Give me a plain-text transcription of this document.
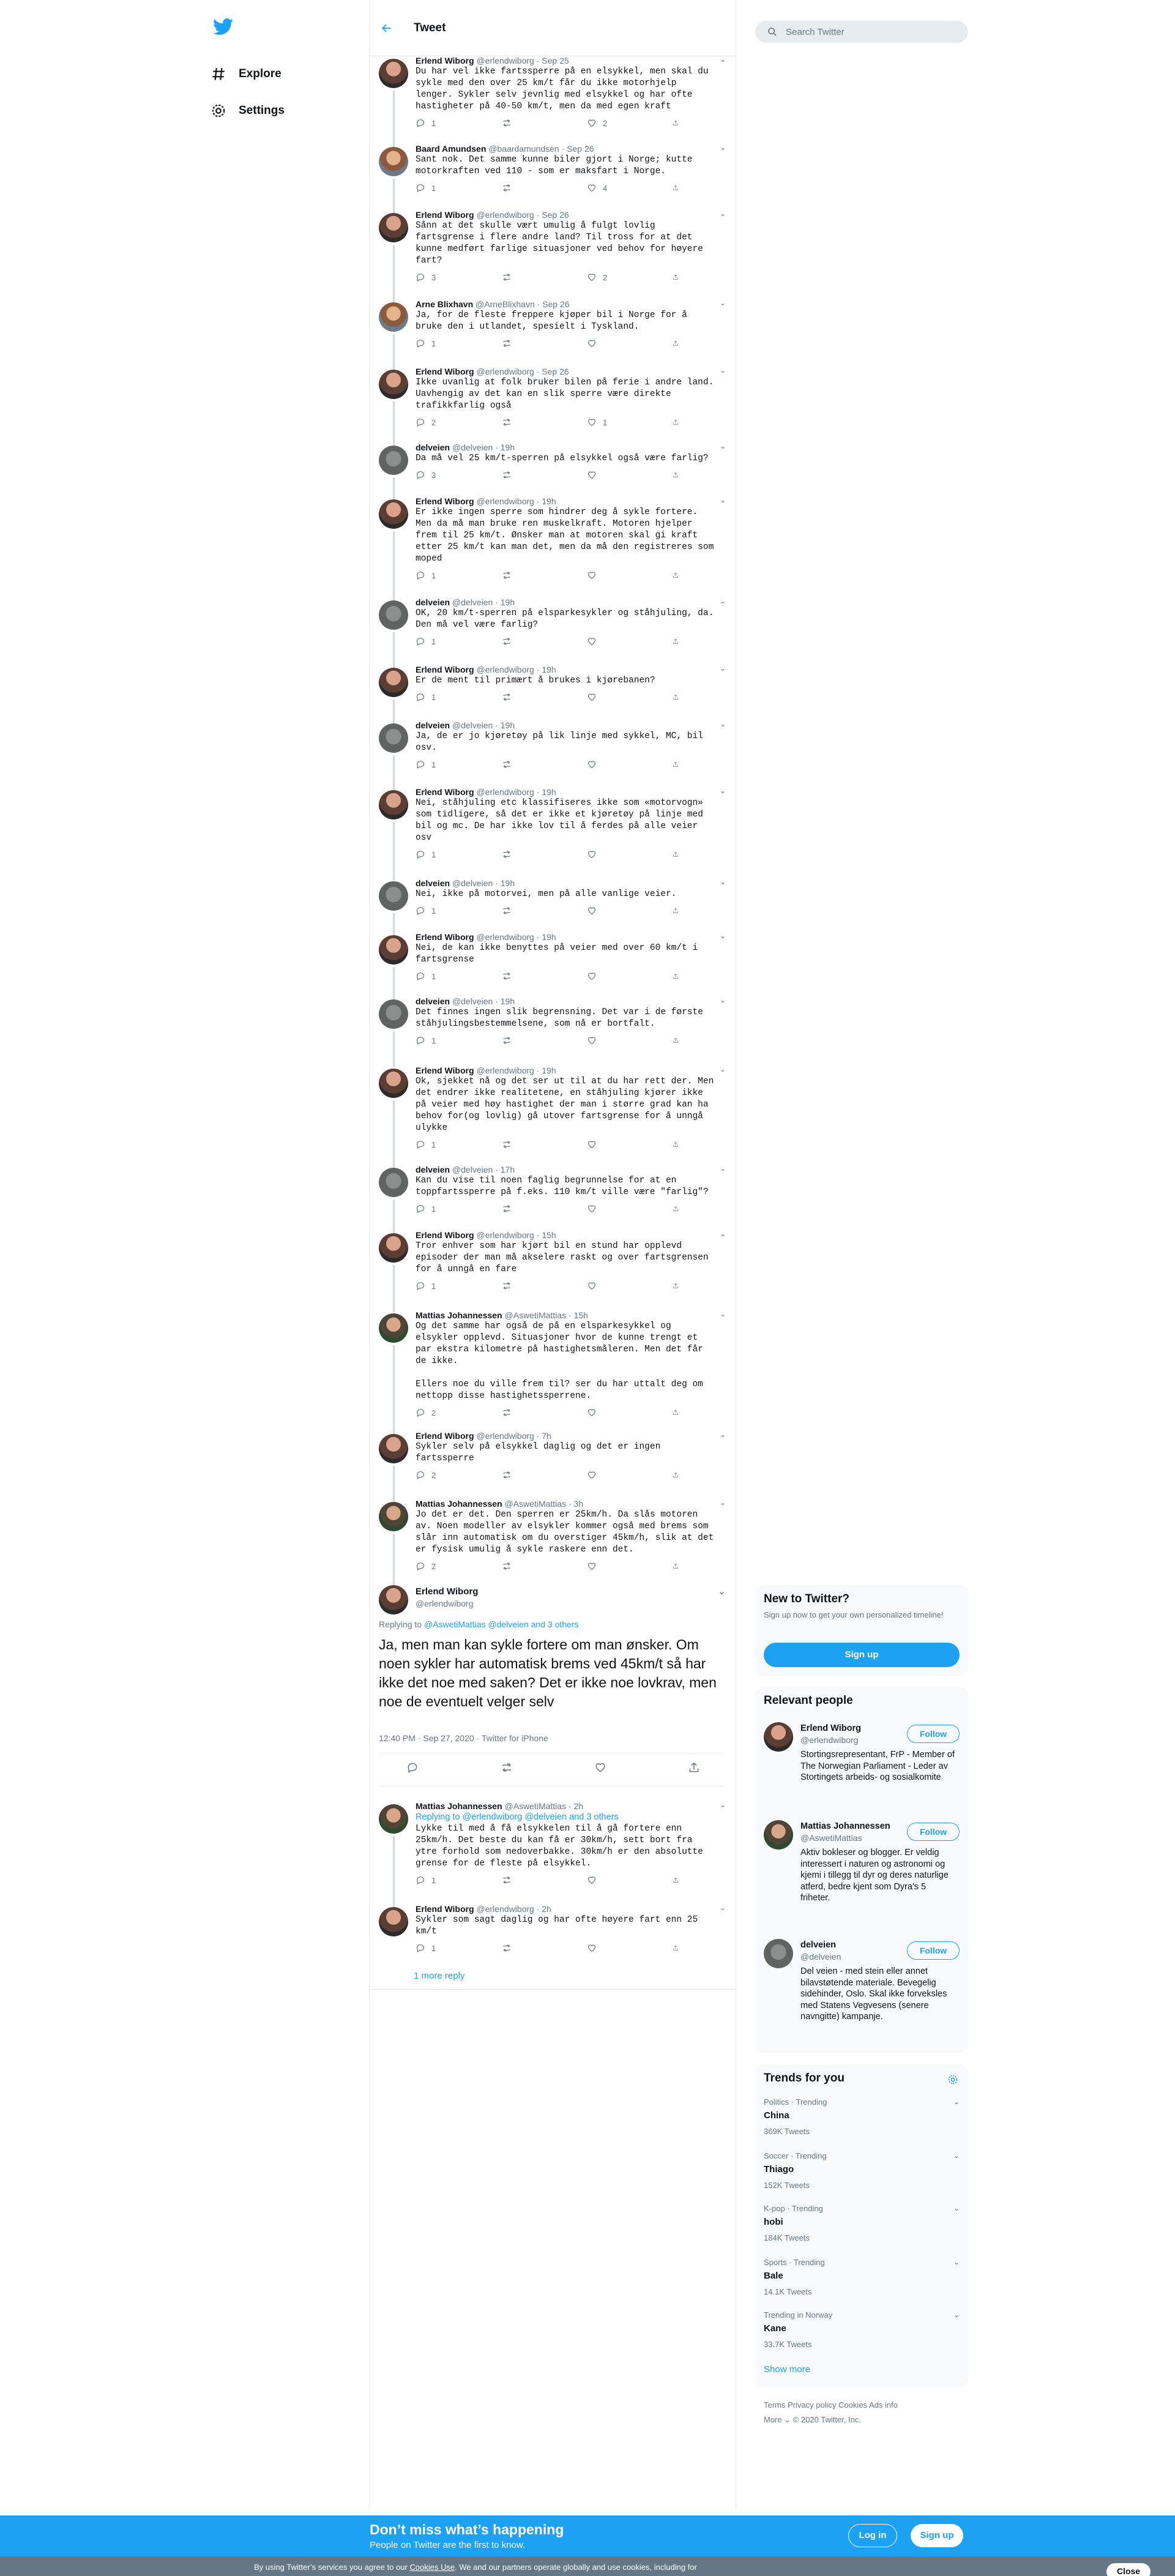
Explore
Settings
Tweet
Erlend Wiborg @erlendwiborg · Sep 25	⌄
Du har vel ikke fartssperre på en elsykkel, men skal du
sykle med den over 25 km/t får du ikke motorhjelp
lenger. Sykler selv jevnlig med elsykkel og har ofte
hastigheter på 40-50 km/t, men da med egen kraft
1	2
Baard Amundsen @baardamundsen · Sep 26	⌄
Sant nok. Det samme kunne biler gjort i Norge; kutte
motorkraften ved 110 - som er maksfart i Norge.
1	4
Erlend Wiborg @erlendwiborg · Sep 26	⌄
Sånn at det skulle vært umulig å fulgt lovlig
fartsgrense i flere andre land? Til tross for at det
kunne medført farlige situasjoner ved behov for høyere
fart?
3	2
Arne Blixhavn @ArneBlixhavn · Sep 26	⌄
Ja, for de fleste freppere kjøper bil i Norge for å
bruke den i utlandet, spesielt i Tyskland.
1
Erlend Wiborg @erlendwiborg · Sep 26	⌄
Ikke uvanlig at folk bruker bilen på ferie i andre land.
Uavhengig av det kan en slik sperre være direkte
trafikkfarlig også
2	1
delveien @delveien · 19h	⌄
Da må vel 25 km/t-sperren på elsykkel også være farlig?
3
Erlend Wiborg @erlendwiborg · 19h	⌄
Er ikke ingen sperre som hindrer deg å sykle fortere.
Men da må man bruke ren muskelkraft. Motoren hjelper
frem til 25 km/t. Ønsker man at motoren skal gi kraft
etter 25 km/t kan man det, men da må den registreres som
moped
1
delveien @delveien · 19h	⌄
OK, 20 km/t-sperren på elsparkesykler og ståhjuling, da.
Den må vel være farlig?
1
Erlend Wiborg @erlendwiborg · 19h	⌄
Er de ment til primært å brukes i kjørebanen?
1
delveien @delveien · 19h	⌄
Ja, de er jo kjøretøy på lik linje med sykkel, MC, bil
osv.
1
Erlend Wiborg @erlendwiborg · 19h	⌄
Nei, ståhjuling etc klassifiseres ikke som «motorvogn»
som tidligere, så det er ikke et kjøretøy på linje med
bil og mc. De har ikke lov til å ferdes på alle veier
osv
1
delveien @delveien · 19h	⌄
Nei, ikke på motorvei, men på alle vanlige veier.
1
Erlend Wiborg @erlendwiborg · 19h	⌄
Nei, de kan ikke benyttes på veier med over 60 km/t i
fartsgrense
1
delveien @delveien · 19h	⌄
Det finnes ingen slik begrensning. Det var i de første
ståhjulingsbestemmelsene, som nå er bortfalt.
1
Erlend Wiborg @erlendwiborg · 19h	⌄
Ok, sjekket nå og det ser ut til at du har rett der. Men
det endrer ikke realitetene, en ståhjuling kjører ikke
på veier med høy hastighet der man i større grad kan ha
behov for(og lovlig) gå utover fartsgrense for å unngå
ulykke
1
delveien @delveien · 17h	⌄
Kan du vise til noen faglig begrunnelse for at en
toppfartssperre på f.eks. 110 km/t ville være "farlig"?
1
Erlend Wiborg @erlendwiborg · 15h	⌄
Tror enhver som har kjørt bil en stund har opplevd
episoder der man må akselere raskt og over fartsgrensen
for å unngå en fare
1
Mattias Johannessen @AswetiMattias · 15h	⌄
Og det samme har også de på en elsparkesykkel og
elsykler opplevd. Situasjoner hvor de kunne trengt et
par ekstra kilometre på hastighetsmåleren. Men det får
de ikke.

Ellers noe du ville frem til? ser du har uttalt deg om
nettopp disse hastighetssperrene.
2
Erlend Wiborg @erlendwiborg · 7h	⌄
Sykler selv på elsykkel daglig og det er ingen
fartssperre
2
Mattias Johannessen @AswetiMattias · 3h	⌄
Jo det er det. Den sperren er 25km/h. Da slås motoren
av. Noen modeller av elsykler kommer også med brems som
slår inn automatisk om du overstiger 45km/h, slik at det
er fysisk umulig å sykle raskere enn det.
2
Erlend Wiborg
@erlendwiborg
⌄
Replying to @AswetiMattias @delveien and 3 others
Ja, men man kan sykle fortere om man ønsker. Om noen sykler har automatisk brems ved 45km/t så har ikke det noe med saken? Det er ikke noe lovkrav, men noe de eventuelt velger selv
12:40 PM · Sep 27, 2020 · Twitter for iPhone
Mattias Johannessen @AswetiMattias · 2h	⌄
Replying to @erlendwiborg @delveien and 3 others
Lykke til med å få elsykkelen til å gå fortere enn
25km/h. Det beste du kan få er 30km/h, sett bort fra
ytre forhold som nedoverbakke. 30km/h er den absolutte
grense for de fleste på elsykkel.
1
Erlend Wiborg @erlendwiborg · 2h	⌄
Sykler som sagt daglig og har ofte høyere fart enn 25
km/t
1
1 more reply
Search Twitter
New to Twitter?

Sign up now to get your own personalized timeline!

Sign up
Relevant people
Erlend Wiborg
@erlendwiborg
Follow
Stortingsrepresentant, FrP - Member of The Norwegian Parliament - Leder av Stortingets arbeids- og sosialkomite
Mattias Johannessen
@AswetiMattias
Follow
Aktiv bokleser og blogger. Er veldig interessert i naturen og astronomi og kjemi i tillegg til dyr og deres naturlige atferd, bedre kjent som Dyra's 5 friheter.
delveien
@delveien
Follow
Del veien - med stein eller annet bilavstøtende materiale. Bevegelig sidehinder, Oslo. Skal ikke forveksles med Statens Vegvesens (senere navngitte) kampanje.
Trends for you
Politics · Trending
China
369K Tweets
⌄
Soccer · Trending
Thiago
152K Tweets
⌄
K-pop · Trending
hobi
184K Tweets
⌄
Sports · Trending
Bale
14.1K Tweets
⌄
Trending in Norway
Kane
33.7K Tweets
⌄
Show more
Terms Privacy policy Cookies Ads info
More ⌄ © 2020 Twitter, Inc.
Don’t miss what’s happening
People on Twitter are the first to know.
Log in	Sign up
By using Twitter’s services you agree to our Cookies Use. We and our partners operate globally and use cookies, including for	Close
